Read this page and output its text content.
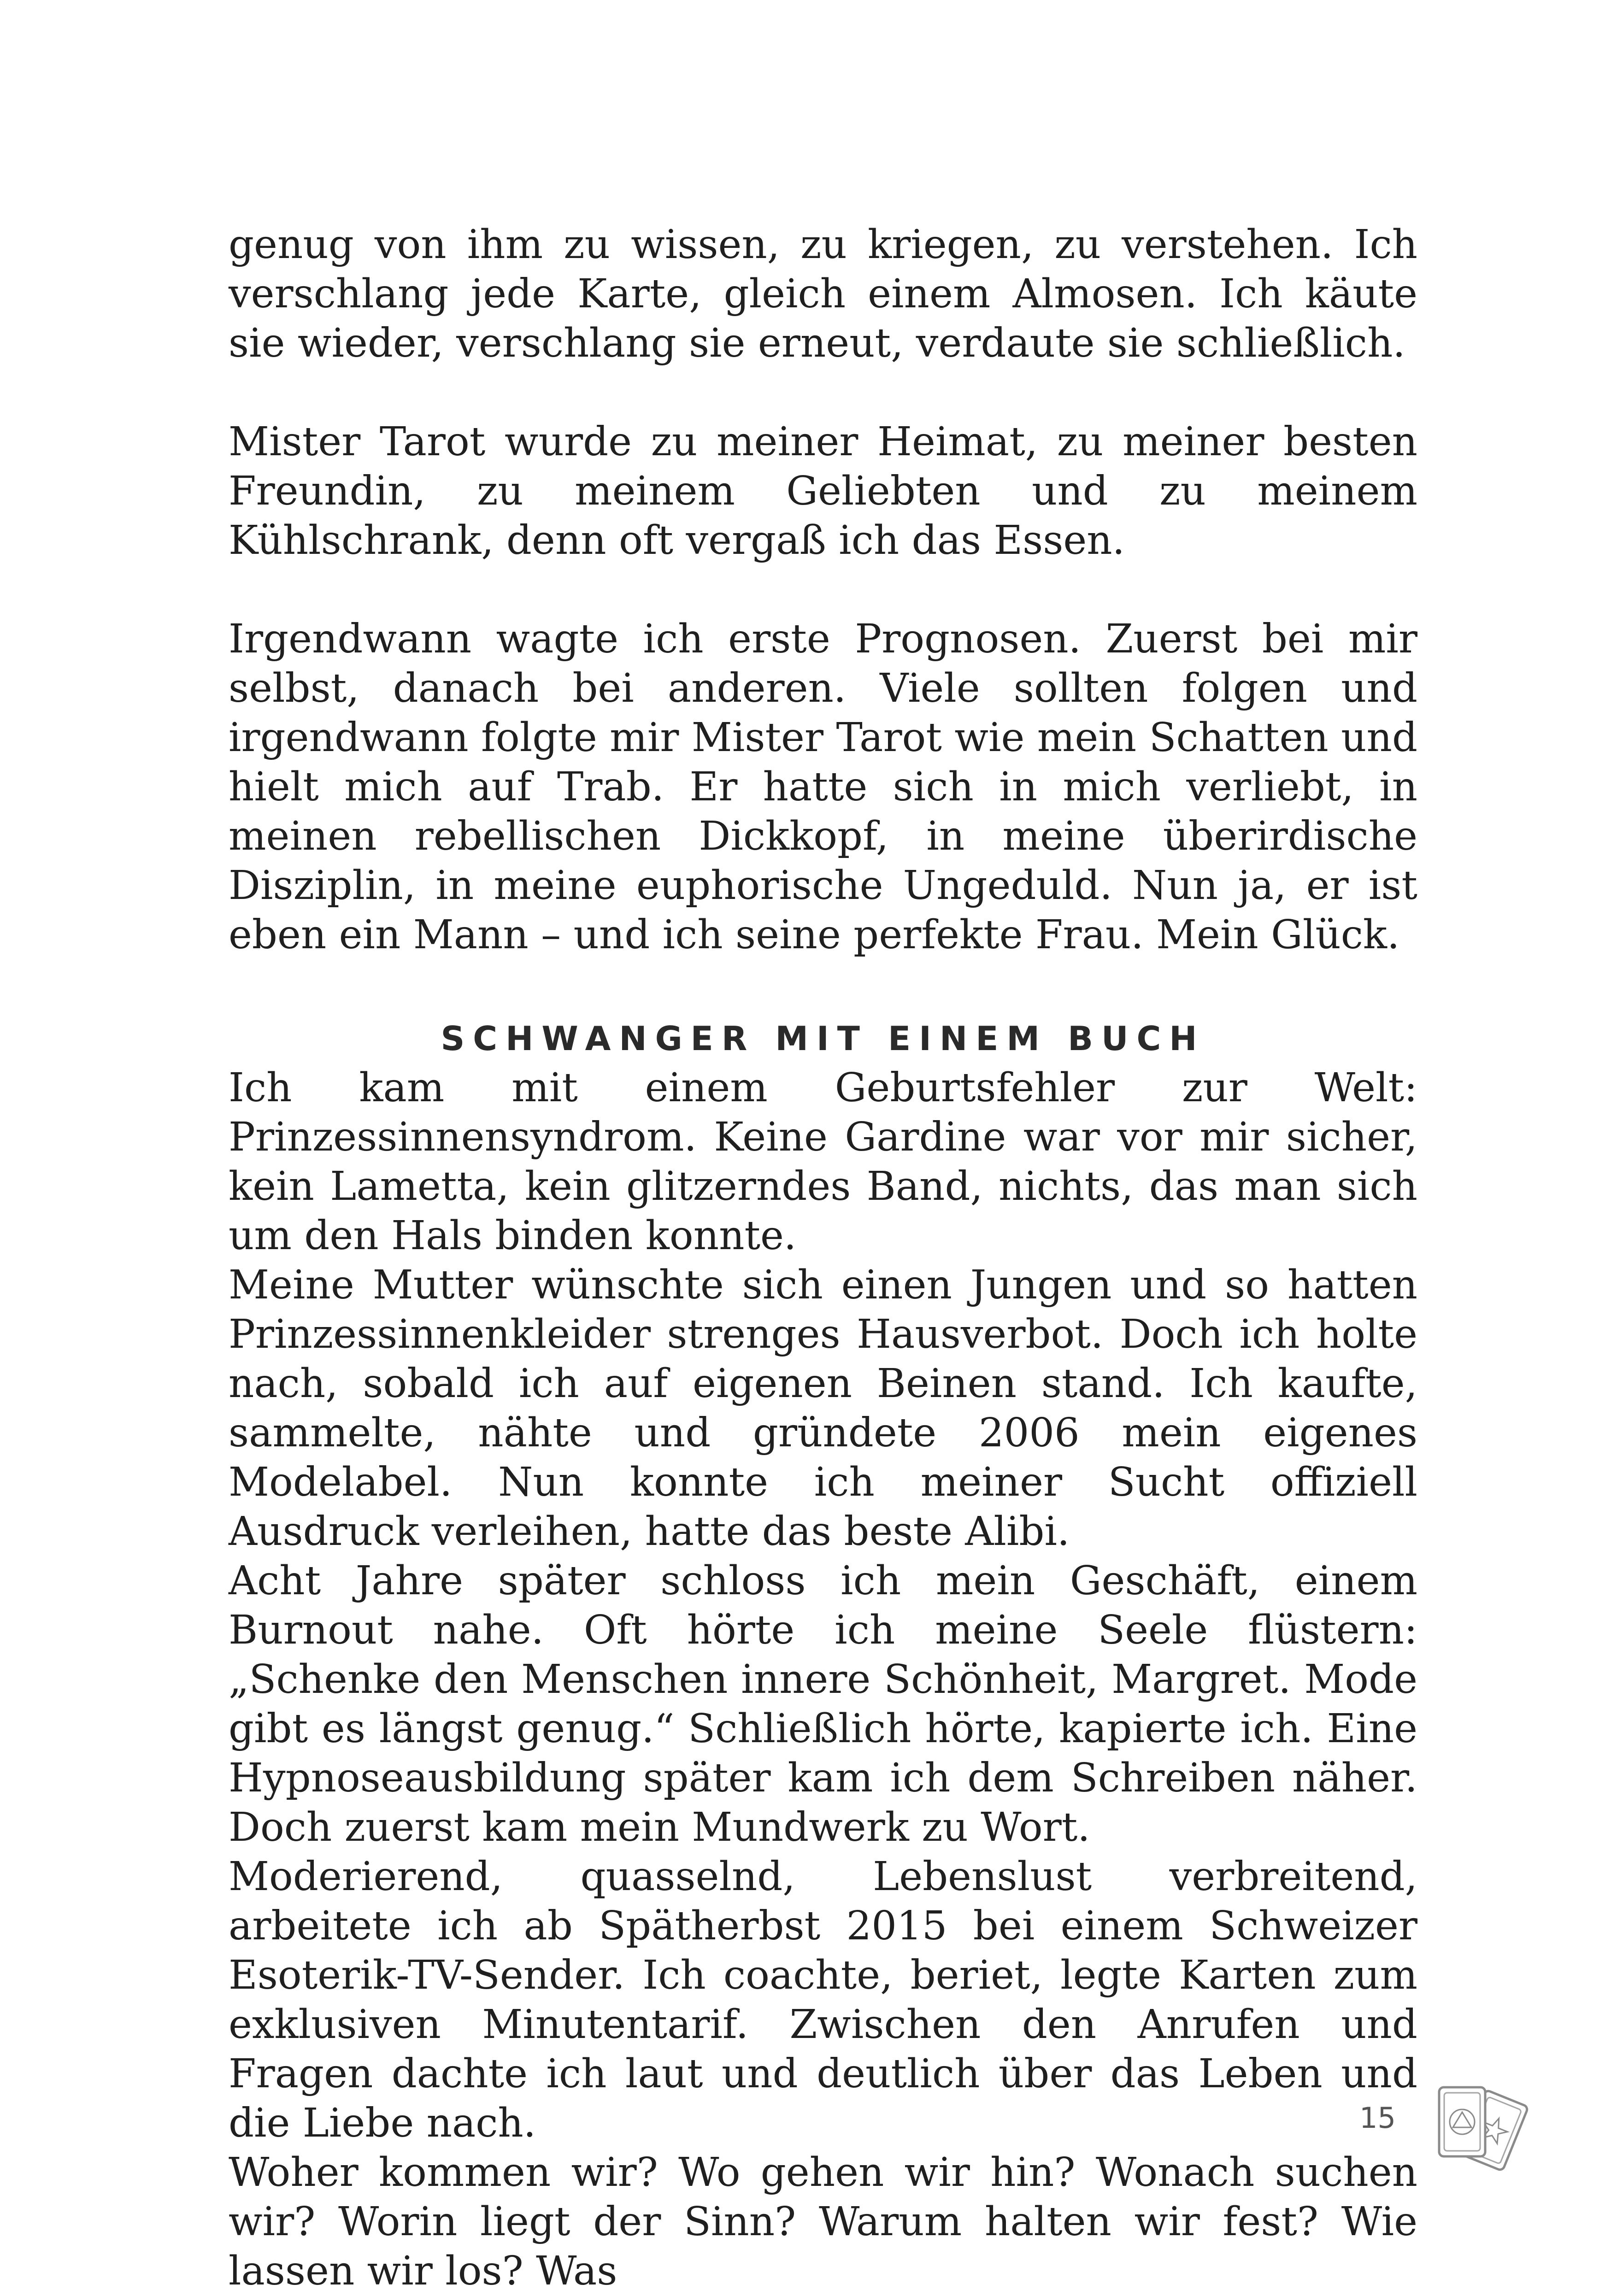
genug von ihm zu wissen, zu kriegen, zu verstehen. Ich verschlang jede Karte, gleich einem Almosen. Ich käute sie wieder, verschlang sie erneut, verdaute sie schließlich.

Mister Tarot wurde zu meiner Heimat, zu meiner besten Freundin, zu meinem Geliebten und zu meinem Kühlschrank, denn oft vergaß ich das Essen.

Irgendwann wagte ich erste Prognosen. Zuerst bei mir selbst, danach bei anderen. Viele sollten folgen und irgendwann folgte mir Mister Tarot wie mein Schatten und hielt mich auf Trab. Er hatte sich in mich verliebt, in meinen rebellischen Dickkopf, in meine überirdische Disziplin, in meine euphorische Ungeduld. Nun ja, er ist eben ein Mann – und ich seine perfekte Frau. Mein Glück.

SCHWANGER MIT EINEM BUCH

Ich kam mit einem Geburtsfehler zur Welt: Prinzessinnensyndrom. Keine Gardine war vor mir sicher, kein Lametta, kein glitzerndes Band, nichts, das man sich um den Hals binden konnte.

Meine Mutter wünschte sich einen Jungen und so hatten Prinzessinnenkleider strenges Hausverbot. Doch ich holte nach, sobald ich auf eigenen Beinen stand. Ich kaufte, sammelte, nähte und gründete 2006 mein eigenes Modelabel. Nun konnte ich meiner Sucht offiziell Ausdruck verleihen, hatte das beste Alibi.

Acht Jahre später schloss ich mein Geschäft, einem Burnout nahe. Oft hörte ich meine Seele flüstern: „Schenke den Menschen innere Schönheit, Margret. Mode gibt es längst genug.“ Schließlich hörte, kapierte ich. Eine Hypnoseausbildung später kam ich dem Schreiben näher. Doch zuerst kam mein Mundwerk zu Wort.

Moderierend, quasselnd, Lebenslust verbreitend, arbeitete ich ab Spätherbst 2015 bei einem Schweizer Esoterik-TV-Sender. Ich coachte, beriet, legte Karten zum exklusiven Minutentarif. Zwischen den Anrufen und Fragen dachte ich laut und deutlich über das Leben und die Liebe nach.

Woher kommen wir? Wo gehen wir hin? Wonach suchen wir? Worin liegt der Sinn? Warum halten wir fest? Wie lassen wir los? Was

15
